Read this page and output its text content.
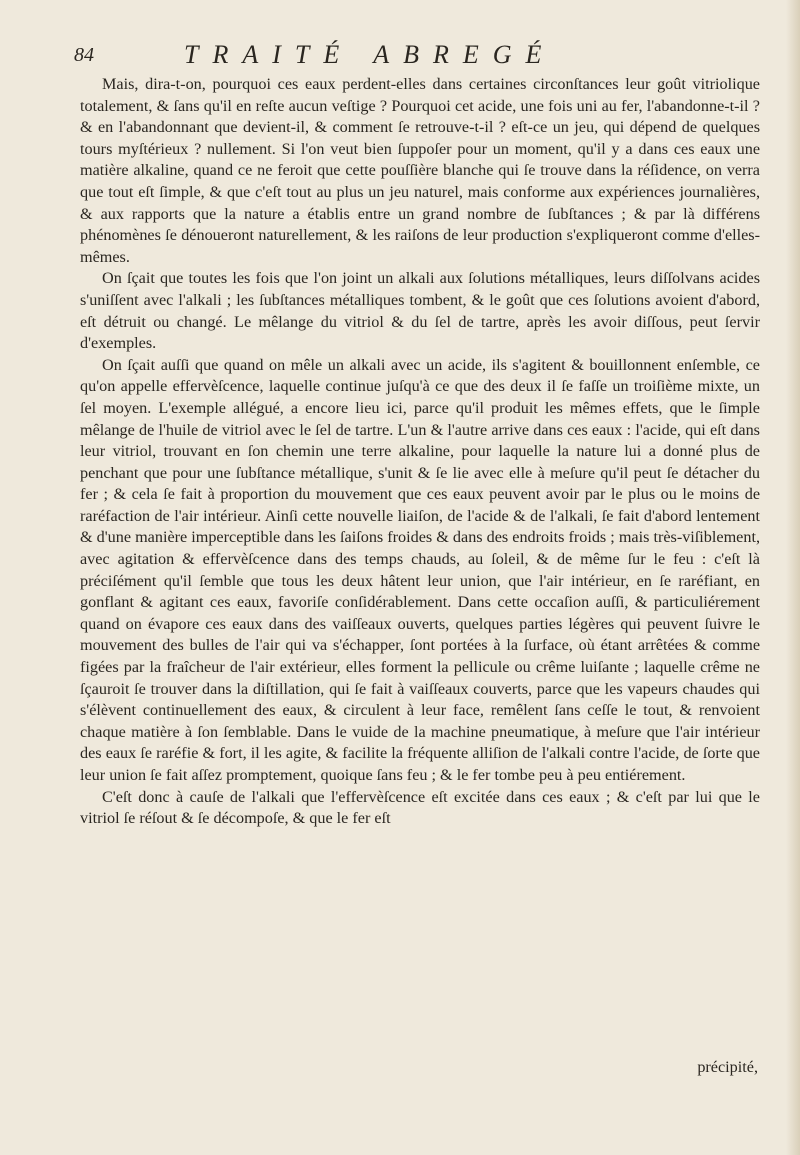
84	TRAITÉ ABREGÉ

Mais, dira-t-on, pourquoi ces eaux perdent-elles dans certaines circonſtances leur goût vitriolique totalement, & ſans qu'il en reſte aucun veſtige ? Pourquoi cet acide, une fois uni au fer, l'abandonne-t-il ? & en l'abandonnant que devient-il, & comment ſe retrouve-t-il ? eſt-ce un jeu, qui dépend de quelques tours myſtérieux ? nullement. Si l'on veut bien ſuppoſer pour un moment, qu'il y a dans ces eaux une matière alkaline, quand ce ne feroit que cette pouſſière blanche qui ſe trouve dans la réſidence, on verra que tout eſt ſimple, & que c'eſt tout au plus un jeu naturel, mais conforme aux expériences journalières, & aux rapports que la nature a établis entre un grand nombre de ſubſtances ; & par là différens phénomènes ſe dénoueront naturellement, & les raiſons de leur production s'expliqueront comme d'elles-mêmes.

On ſçait que toutes les fois que l'on joint un alkali aux ſolutions métalliques, leurs diſſolvans acides s'uniſſent avec l'alkali ; les ſubſtances métalliques tombent, & le goût que ces ſolutions avoient d'abord, eſt détruit ou changé. Le mêlange du vitriol & du ſel de tartre, après les avoir diſſous, peut ſervir d'exemples.

On ſçait auſſi que quand on mêle un alkali avec un acide, ils s'agitent & bouillonnent enſemble, ce qu'on appelle effervèſcence, laquelle continue juſqu'à ce que des deux il ſe faſſe un troiſième mixte, un ſel moyen. L'exemple allégué, a encore lieu ici, parce qu'il produit les mêmes effets, que le ſimple mêlange de l'huile de vitriol avec le ſel de tartre. L'un & l'autre arrive dans ces eaux : l'acide, qui eſt dans leur vitriol, trouvant en ſon chemin une terre alkaline, pour laquelle la nature lui a donné plus de penchant que pour une ſubſtance métallique, s'unit & ſe lie avec elle à meſure qu'il peut ſe détacher du fer ; & cela ſe fait à proportion du mouvement que ces eaux peuvent avoir par le plus ou le moins de raréfaction de l'air intérieur. Ainſi cette nouvelle liaiſon, de l'acide & de l'alkali, ſe fait d'abord lentement & d'une manière imperceptible dans les ſaiſons froides & dans des endroits froids ; mais très-viſiblement, avec agitation & effervèſcence dans des temps chauds, au ſoleil, & de même ſur le feu : c'eſt là préciſément qu'il ſemble que tous les deux hâtent leur union, que l'air intérieur, en ſe raréfiant, en gonflant & agitant ces eaux, favoriſe conſidérablement. Dans cette occaſion auſſi, & particuliérement quand on évapore ces eaux dans des vaiſſeaux ouverts, quelques parties légères qui peuvent ſuivre le mouvement des bulles de l'air qui va s'échapper, ſont portées à la ſurface, où étant arrêtées & comme figées par la fraîcheur de l'air extérieur, elles forment la pellicule ou crême luiſante ; laquelle crême ne ſçauroit ſe trouver dans la diſtillation, qui ſe fait à vaiſſeaux couverts, parce que les vapeurs chaudes qui s'élèvent continuellement des eaux, & circulent à leur face, remêlent ſans ceſſe le tout, & renvoient chaque matière à ſon ſemblable. Dans le vuide de la machine pneumatique, à meſure que l'air intérieur des eaux ſe raréfie & fort, il les agite, & facilite la fréquente alliſion de l'alkali contre l'acide, de ſorte que leur union ſe fait aſſez promptement, quoique ſans feu ; & le fer tombe peu à peu entiérement.

C'eſt donc à cauſe de l'alkali que l'effervèſcence eſt excitée dans ces eaux ; & c'eſt par lui que le vitriol ſe réſout & ſe décompoſe, & que le fer eſt

précipité,
